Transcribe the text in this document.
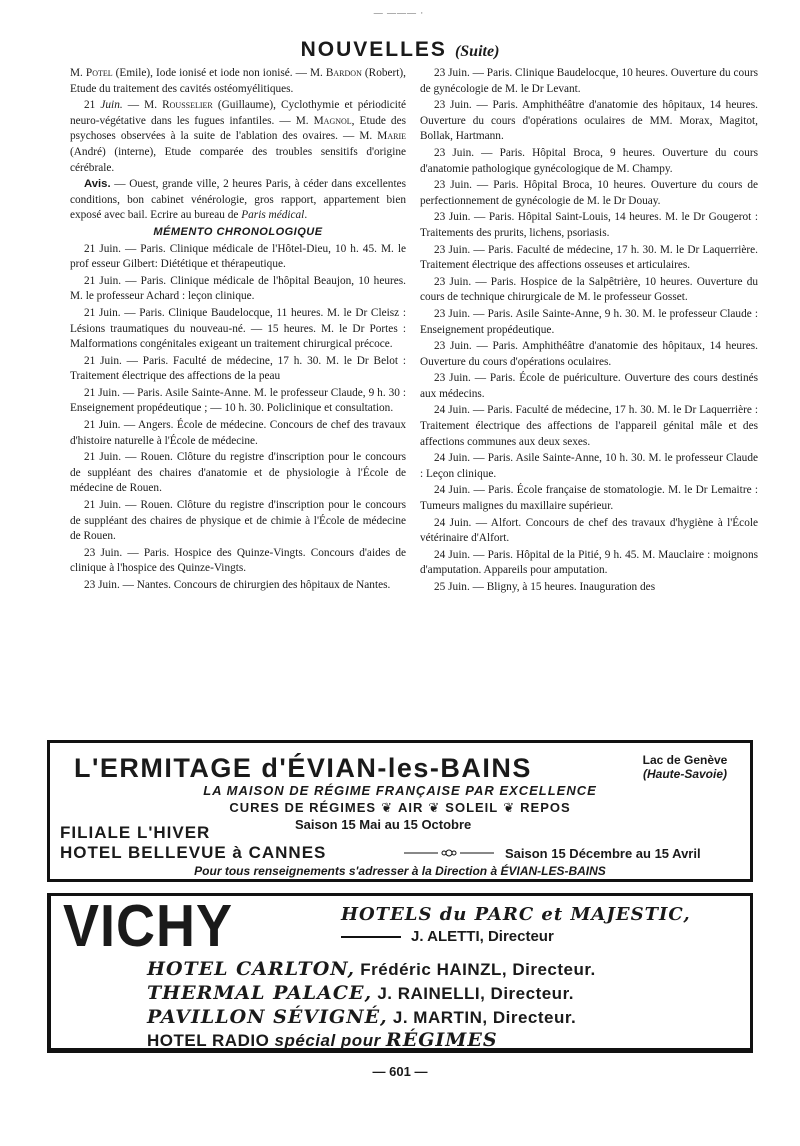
— ——— ·
NOUVELLES (Suite)

M. Potel (Emile), Iode ionisé et iode non ionisé. — M. Bardon (Robert), Etude du traitement des cavités ostéomyélitiques.

21 Juin. — M. Rousselier (Guillaume), Cyclothymie et périodicité neuro-végétative dans les fugues infantiles. — M. Magnol, Etude des psychoses observées à la suite de l'ablation des ovaires. — M. Marie (André) (interne), Etude comparée des troubles sensitifs d'origine cérébrale.

Avis. — Ouest, grande ville, 2 heures Paris, à céder dans excellentes conditions, bon cabinet vénérologie, gros rapport, appartement bien exposé avec bail. Ecrire au bureau de Paris médical.

MÉMENTO CHRONOLOGIQUE

21 Juin. — Paris. Clinique médicale de l'Hôtel-Dieu, 10 h. 45. M. le prof esseur Gilbert: Diététique et thérapeutique.

21 Juin. — Paris. Clinique médicale de l'hôpital Beaujon, 10 heures. M. le professeur Achard : leçon clinique.

21 Juin. — Paris. Clinique Baudelocque, 11 heures. M. le Dr Cleisz : Lésions traumatiques du nouveau-né. — 15 heures. M. le Dr Portes : Malformations congénitales exigeant un traitement chirurgical précoce.

21 Juin. — Paris. Faculté de médecine, 17 h. 30. M. le Dr Belot : Traitement électrique des affections de la peau

21 Juin. — Paris. Asile Sainte-Anne. M. le professeur Claude, 9 h. 30 : Enseignement propédeutique ; — 10 h. 30. Policlinique et consultation.

21 Juin. — Angers. École de médecine. Concours de chef des travaux d'histoire naturelle à l'École de médecine.

21 Juin. — Rouen. Clôture du registre d'inscription pour le concours de suppléant des chaires d'anatomie et de physiologie à l'École de médecine de Rouen.

21 Juin. — Rouen. Clôture du registre d'inscription pour le concours de suppléant des chaires de physique et de chimie à l'École de médecine de Rouen.

23 Juin. — Paris. Hospice des Quinze-Vingts. Concours d'aides de clinique à l'hospice des Quinze-Vingts.

23 Juin. — Nantes. Concours de chirurgien des hôpitaux de Nantes.

23 Juin. — Paris. Clinique Baudelocque, 10 heures. Ouverture du cours de gynécologie de M. le Dr Levant.

23 Juin. — Paris. Amphithéâtre d'anatomie des hôpitaux, 14 heures. Ouverture du cours d'opérations oculaires de MM. Morax, Magitot, Bollak, Hartmann.

23 Juin. — Paris. Hôpital Broca, 9 heures. Ouverture du cours d'anatomie pathologique gynécologique de M. Champy.

23 Juin. — Paris. Hôpital Broca, 10 heures. Ouverture du cours de perfectionnement de gynécologie de M. le Dr Douay.

23 Juin. — Paris. Hôpital Saint-Louis, 14 heures. M. le Dr Gougerot : Traitements des prurits, lichens, psoriasis.

23 Juin. — Paris. Faculté de médecine, 17 h. 30. M. le Dr Laquerrière. Traitement électrique des affections osseuses et articulaires.

23 Juin. — Paris. Hospice de la Salpêtrière, 10 heures. Ouverture du cours de technique chirurgicale de M. le professeur Gosset.

23 Juin. — Paris. Asile Sainte-Anne, 9 h. 30. M. le professeur Claude : Enseignement propédeutique.

23 Juin. — Paris. Amphithéâtre d'anatomie des hôpitaux, 14 heures. Ouverture du cours d'opérations oculaires.

23 Juin. — Paris. École de puériculture. Ouverture des cours destinés aux médecins.

24 Juin. — Paris. Faculté de médecine, 17 h. 30. M. le Dr Laquerrière : Traitement électrique des affections de l'appareil génital mâle et des affections communes aux deux sexes.

24 Juin. — Paris. Asile Sainte-Anne, 10 h. 30. M. le professeur Claude : Leçon clinique.

24 Juin. — Paris. École française de stomatologie. M. le Dr Lemaitre : Tumeurs malignes du maxillaire supérieur.

24 Juin. — Alfort. Concours de chef des travaux d'hygiène à l'École vétérinaire d'Alfort.

24 Juin. — Paris. Hôpital de la Pitié, 9 h. 45. M. Mauclaire : moignons d'amputation. Appareils pour amputation.

25 Juin. — Bligny, à 15 heures. Inauguration des

L'ERMITAGE d'ÉVIAN-les-BAINS	Lac de Genève
(Haute-Savoie)
LA MAISON DE RÉGIME FRANÇAISE PAR EXCELLENCE
CURES DE RÉGIMES ❦ AIR ❦ SOLEIL ❦ REPOS
FILIALE L'HIVER	Saison 15 Mai au 15 Octobre
HOTEL BELLEVUE à CANNES	Saison 15 Décembre au 15 Avril
Pour tous renseignements s'adresser à la Direction à ÉVIAN-LES-BAINS
VICHY	HOTELS du PARC et MAJESTIC,
J. ALETTI, Directeur
HOTEL CARLTON, Frédéric HAINZL, Directeur.
THERMAL PALACE, J. RAINELLI, Directeur.
PAVILLON SÉVIGNÉ, J. MARTIN, Directeur.
HOTEL RADIO spécial pour RÉGIMES
— 601 —
